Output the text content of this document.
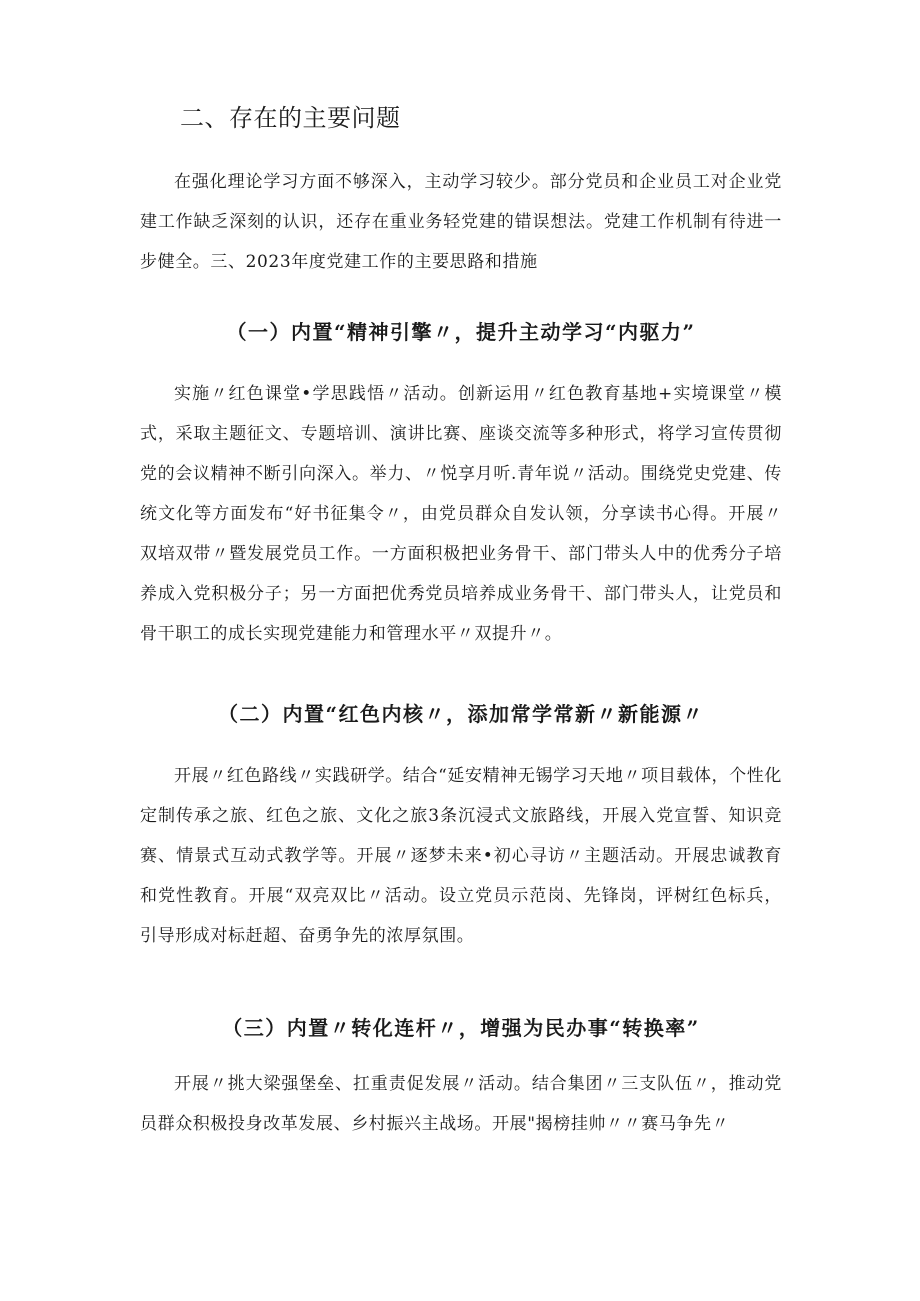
二、存在的主要问题

在强化理论学习方面不够深入，主动学习较少。部分党员和企业员工对企业党建工作缺乏深刻的认识，还存在重业务轻党建的错误想法。党建工作机制有待进一步健全。三、2023年度党建工作的主要思路和措施

（一）内置“精神引擎〃，提升主动学习“内驱力”

实施〃红色课堂•学思践悟〃活动。创新运用〃红色教育基地+实境课堂〃模式，采取主题征文、专题培训、演讲比赛、座谈交流等多种形式，将学习宣传贯彻党的会议精神不断引向深入。举力、〃悦享月听.青年说〃活动。围绕党史党建、传统文化等方面发布“好书征集令〃，由党员群众自发认领，分享读书心得。开展〃双培双带〃暨发展党员工作。一方面积极把业务骨干、部门带头人中的优秀分子培养成入党积极分子；另一方面把优秀党员培养成业务骨干、部门带头人，让党员和骨干职工的成长实现党建能力和管理水平〃双提升〃。

（二）内置“红色内核〃，添加常学常新〃新能源〃

开展〃红色路线〃实践研学。结合“延安精神无锡学习天地〃项目载体，个性化定制传承之旅、红色之旅、文化之旅3条沉浸式文旅路线，开展入党宣誓、知识竞赛、情景式互动式教学等。开展〃逐梦未来•初心寻访〃主题活动。开展忠诚教育和党性教育。开展“双亮双比〃活动。设立党员示范岗、先锋岗，评树红色标兵，引导形成对标赶超、奋勇争先的浓厚氛围。

（三）内置〃转化连杆〃，增强为民办事“转换率”

开展〃挑大梁强堡垒、扛重责促发展〃活动。结合集团〃三支队伍〃，推动党员群众积极投身改革发展、乡村振兴主战场。开展"揭榜挂帅〃〃赛马争先〃
